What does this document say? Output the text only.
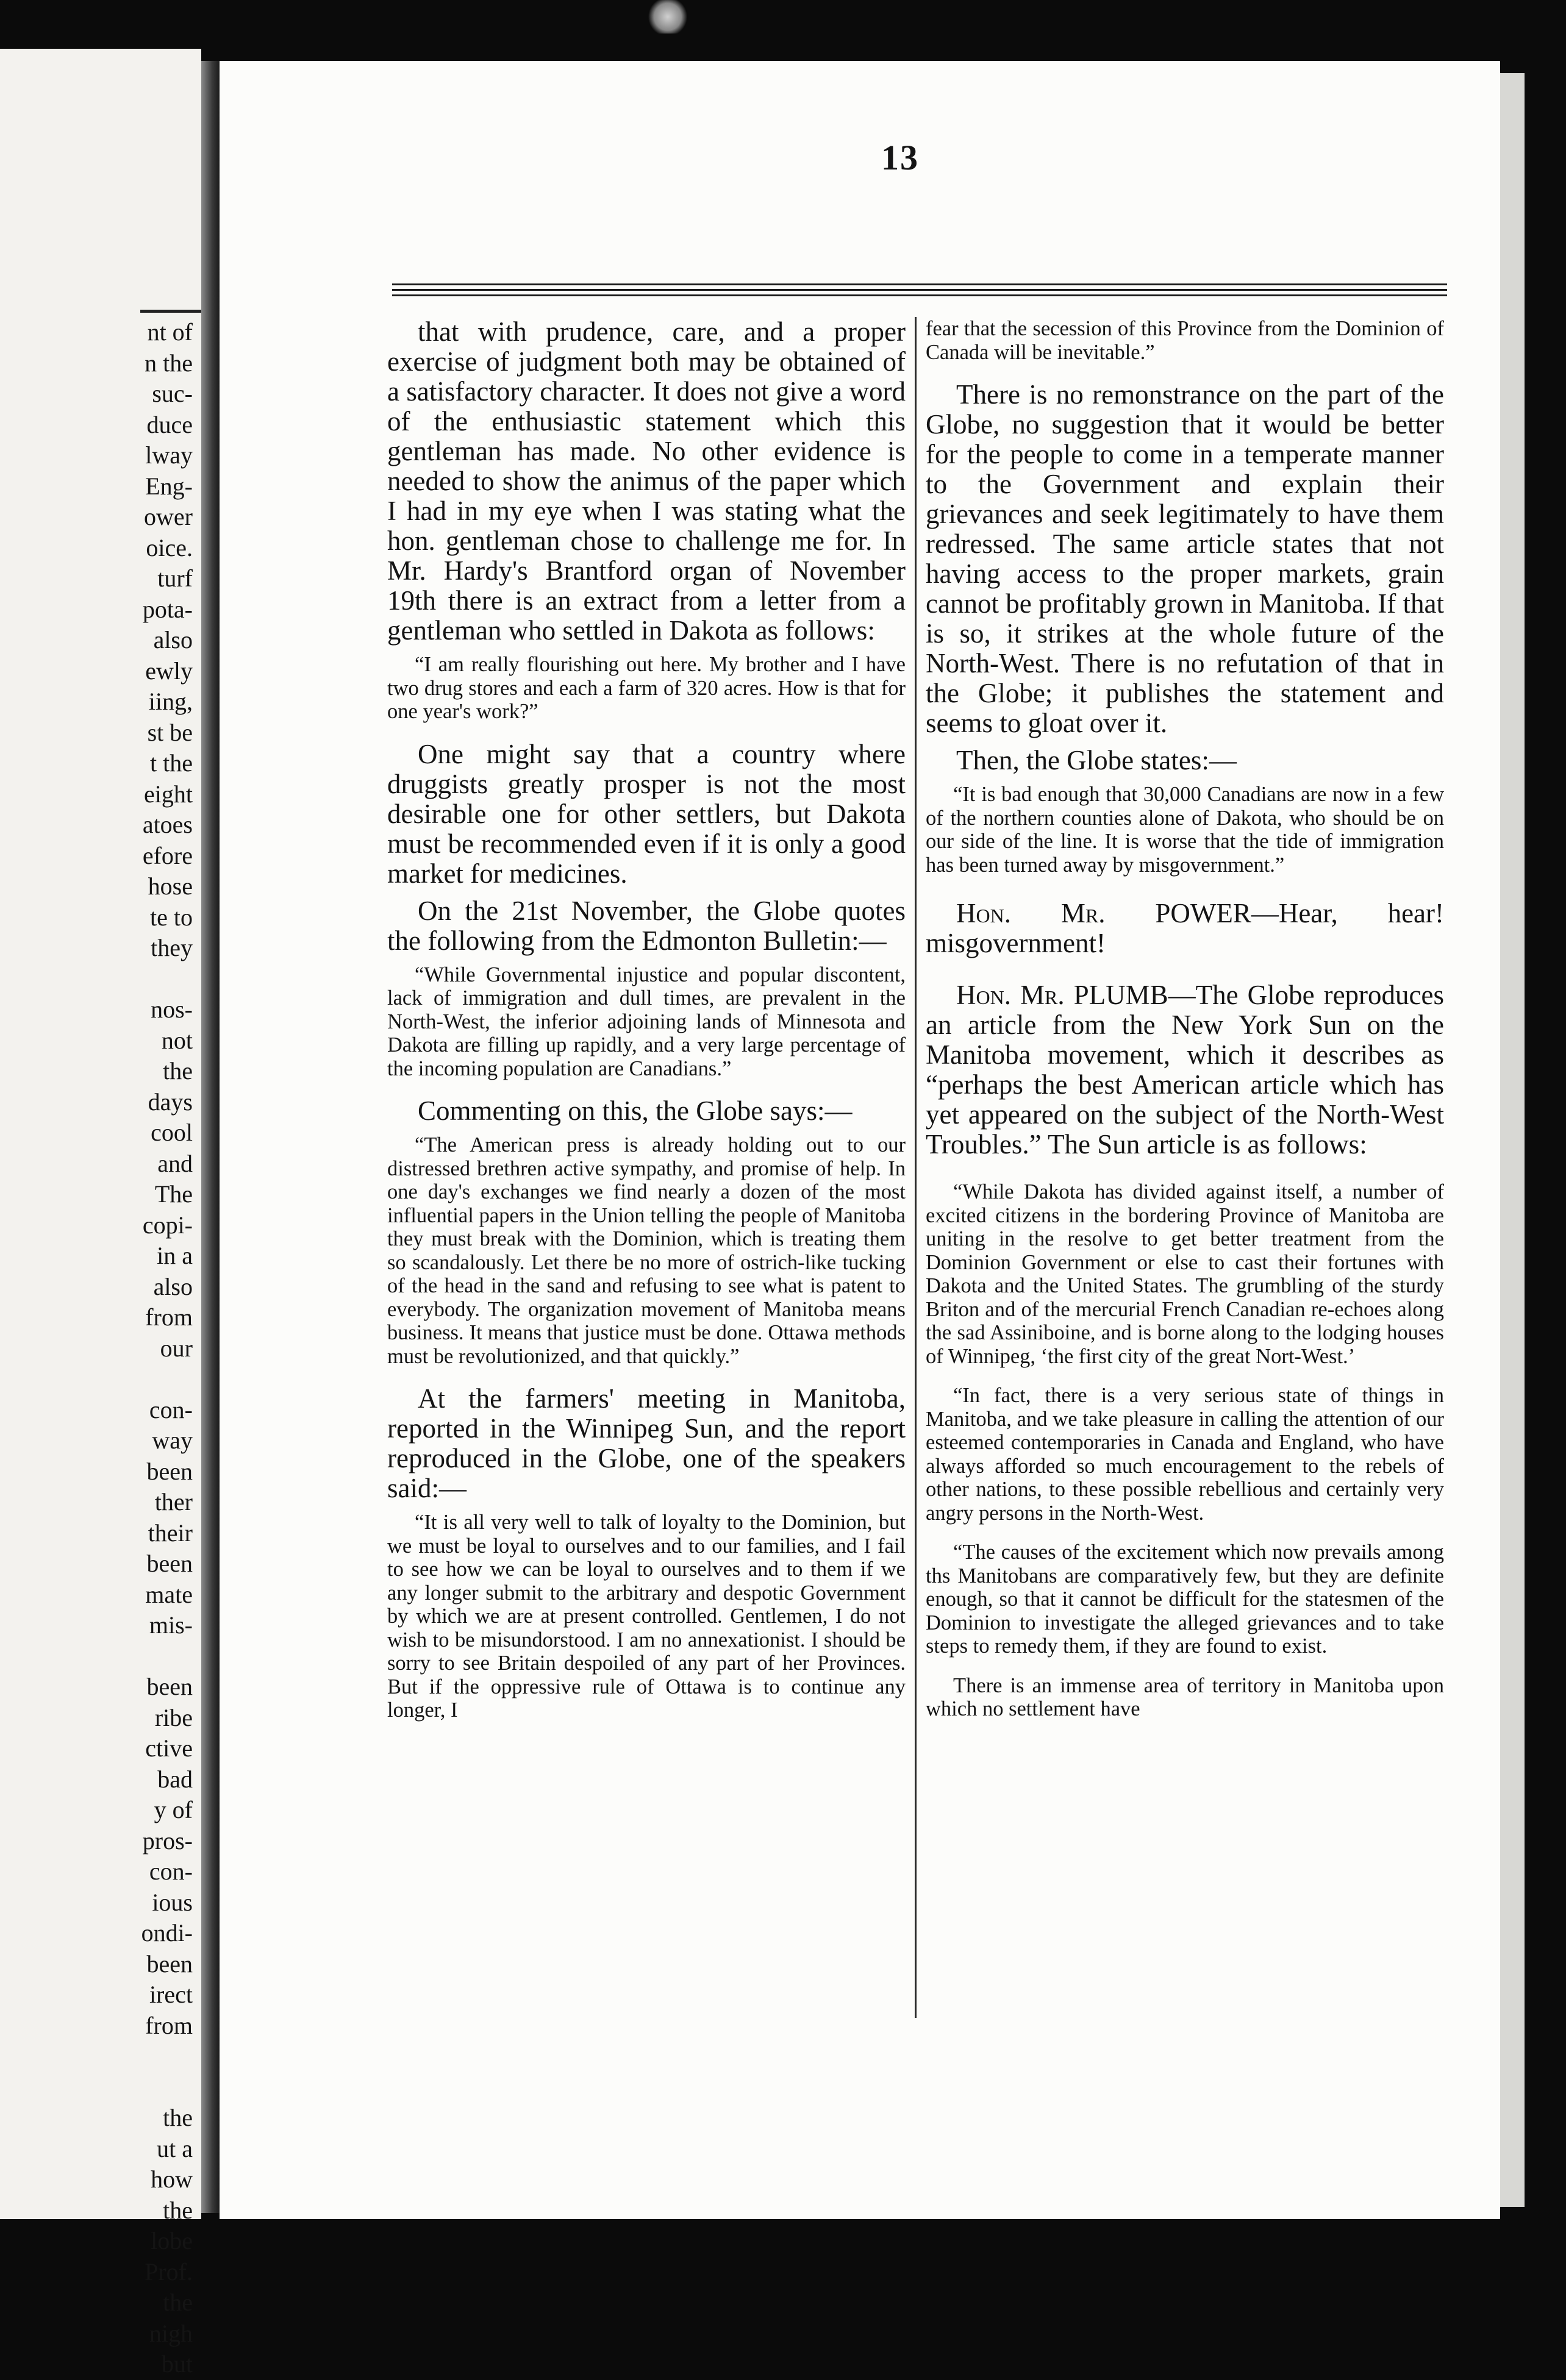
nt of
n the
suc-
duce
lway
Eng-
ower
oice.
turf
pota-
also
ewly
iing,
st be
t the
eight
atoes
efore
hose
te to
they

nos-
not
the
days
cool
and
The
copi-
in a
also
from
our

con-
way
been
ther
their
been
mate
mis-

been
ribe
ctive
bad
y of
pros-
con-
ious
ondi-
been
irect
from

the
ut a
how
the
lobe
Prof.
the
nigh
but
13

that with prudence, care, and a proper exercise of judgment both may be obtained of a satisfactory character. It does not give a word of the enthusiastic statement which this gentleman has made. No other evidence is needed to show the animus of the paper which I had in my eye when I was stating what the hon. gentleman chose to challenge me for. In Mr. Hardy's Brantford organ of November 19th there is an extract from a letter from a gentleman who settled in Dakota as follows:

“I am really flourishing out here. My brother and I have two drug stores and each a farm of 320 acres. How is that for one year's work?”

One might say that a country where druggists greatly prosper is not the most desirable one for other settlers, but Dakota must be recommended even if it is only a good market for medicines.

On the 21st November, the Globe quotes the following from the Edmonton Bulletin:—

“While Governmental injustice and popular discontent, lack of immigration and dull times, are prevalent in the North-West, the inferior adjoining lands of Minnesota and Dakota are filling up rapidly, and a very large percentage of the incoming population are Canadians.”

Commenting on this, the Globe says:—

“The American press is already holding out to our distressed brethren active sympathy, and promise of help. In one day's exchanges we find nearly a dozen of the most influential papers in the Union telling the people of Manitoba they must break with the Dominion, which is treating them so scandalously. Let there be no more of ostrich-like tucking of the head in the sand and refusing to see what is patent to everybody. The organization movement of Manitoba means business. It means that justice must be done. Ottawa methods must be revolutionized, and that quickly.”

At the farmers' meeting in Manitoba, reported in the Winnipeg Sun, and the report reproduced in the Globe, one of the speakers said:—

“It is all very well to talk of loyalty to the Dominion, but we must be loyal to ourselves and to our families, and I fail to see how we can be loyal to ourselves and to them if we any longer submit to the arbitrary and despotic Government by which we are at present controlled. Gentlemen, I do not wish to be misundorstood. I am no annexationist. I should be sorry to see Britain despoiled of any part of her Provinces. But if the oppressive rule of Ottawa is to continue any longer, I

fear that the secession of this Province from the Dominion of Canada will be inevitable.”

There is no remonstrance on the part of the Globe, no suggestion that it would be better for the people to come in a temperate manner to the Government and explain their grievances and seek legitimately to have them redressed. The same article states that not having access to the proper markets, grain cannot be profitably grown in Manitoba. If that is so, it strikes at the whole future of the North-West. There is no refutation of that in the Globe; it publishes the statement and seems to gloat over it.

Then, the Globe states:—

“It is bad enough that 30,000 Canadians are now in a few of the northern counties alone of Dakota, who should be on our side of the line. It is worse that the tide of immigration has been turned away by misgovernment.”

Hon. Mr. POWER—Hear, hear! misgovernment!

Hon. Mr. PLUMB—The Globe reproduces an article from the New York Sun on the Manitoba movement, which it describes as “perhaps the best American article which has yet appeared on the subject of the North-West Troubles.” The Sun article is as follows:

“While Dakota has divided against itself, a number of excited citizens in the bordering Province of Manitoba are uniting in the resolve to get better treatment from the Dominion Government or else to cast their fortunes with Dakota and the United States. The grumbling of the sturdy Briton and of the mercurial French Canadian re-echoes along the sad Assiniboine, and is borne along to the lodging houses of Winnipeg, ‘the first city of the great Nort-West.’

“In fact, there is a very serious state of things in Manitoba, and we take pleasure in calling the attention of our esteemed contemporaries in Canada and England, who have always afforded so much encouragement to the rebels of other nations, to these possible rebellious and certainly very angry persons in the North-West.

“The causes of the excitement which now prevails among ths Manitobans are comparatively few, but they are definite enough, so that it cannot be difficult for the statesmen of the Dominion to investigate the alleged grievances and to take steps to remedy them, if they are found to exist.

There is an immense area of territory in Manitoba upon which no settlement have
